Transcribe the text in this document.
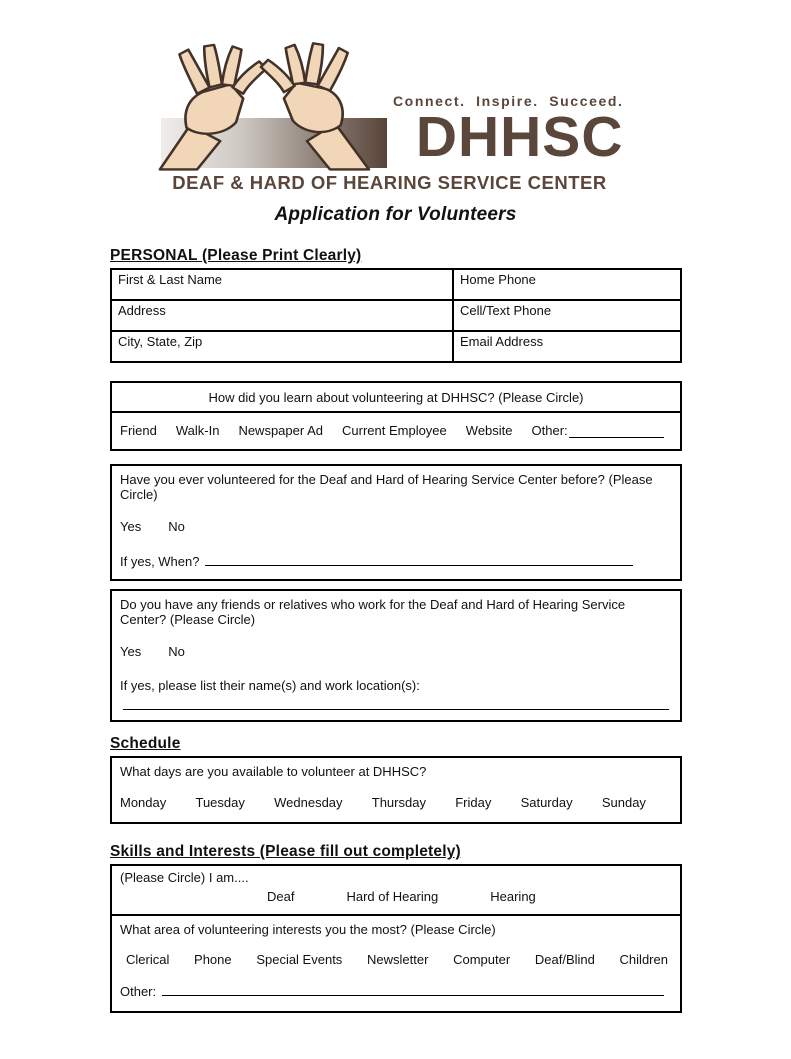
Connect. Inspire. Succeed.
DHHSC
DEAF & HARD OF HEARING SERVICE CENTER
Application for Volunteers
PERSONAL (Please Print Clearly)
First & Last Name	Home Phone
Address	Cell/Text Phone
City, State, Zip	Email Address
How did you learn about volunteering at DHHSC? (Please Circle)
Friend Walk-In Newspaper Ad Current Employee Website Other:
Have you ever volunteered for the Deaf and Hard of Hearing Service Center before? (Please Circle)
Yes No
If yes, When?
Do you have any friends or relatives who work for the Deaf and Hard of Hearing Service Center? (Please Circle)
Yes No
If yes, please list their name(s) and work location(s):
Schedule
What days are you available to volunteer at DHHSC?
Monday Tuesday Wednesday Thursday Friday Saturday Sunday
Skills and Interests (Please fill out completely)
(Please Circle) I am....
Deaf	Hard of Hearing	Hearing
What area of volunteering interests you the most? (Please Circle)
Clerical Phone Special Events Newsletter Computer Deaf/Blind Children
Other:
